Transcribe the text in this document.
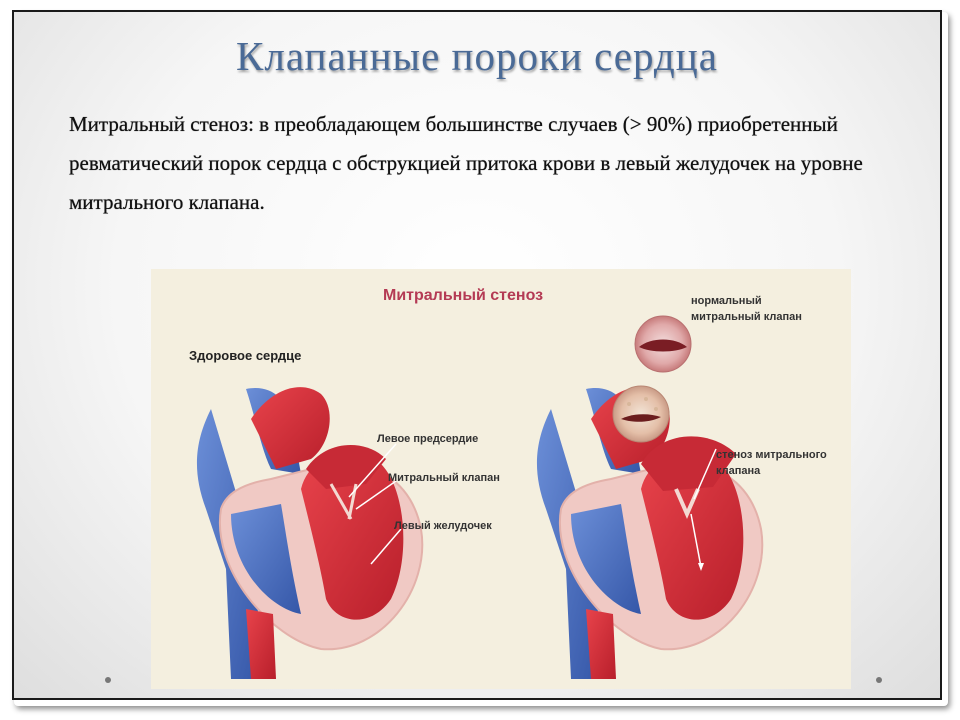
Клапанные пороки сердца
Митральный стеноз: в преобладающем большинстве случаев (> 90%) приобретенный ревматический порок сердца с обструкцией притока крови в левый желудочек на уровне митрального клапана.
Митральный стеноз
Здоровое сердце
Левое предсердие
Митральный клапан
Левый желудочек
нормальный митральный клапан
стеноз митрального клапана
